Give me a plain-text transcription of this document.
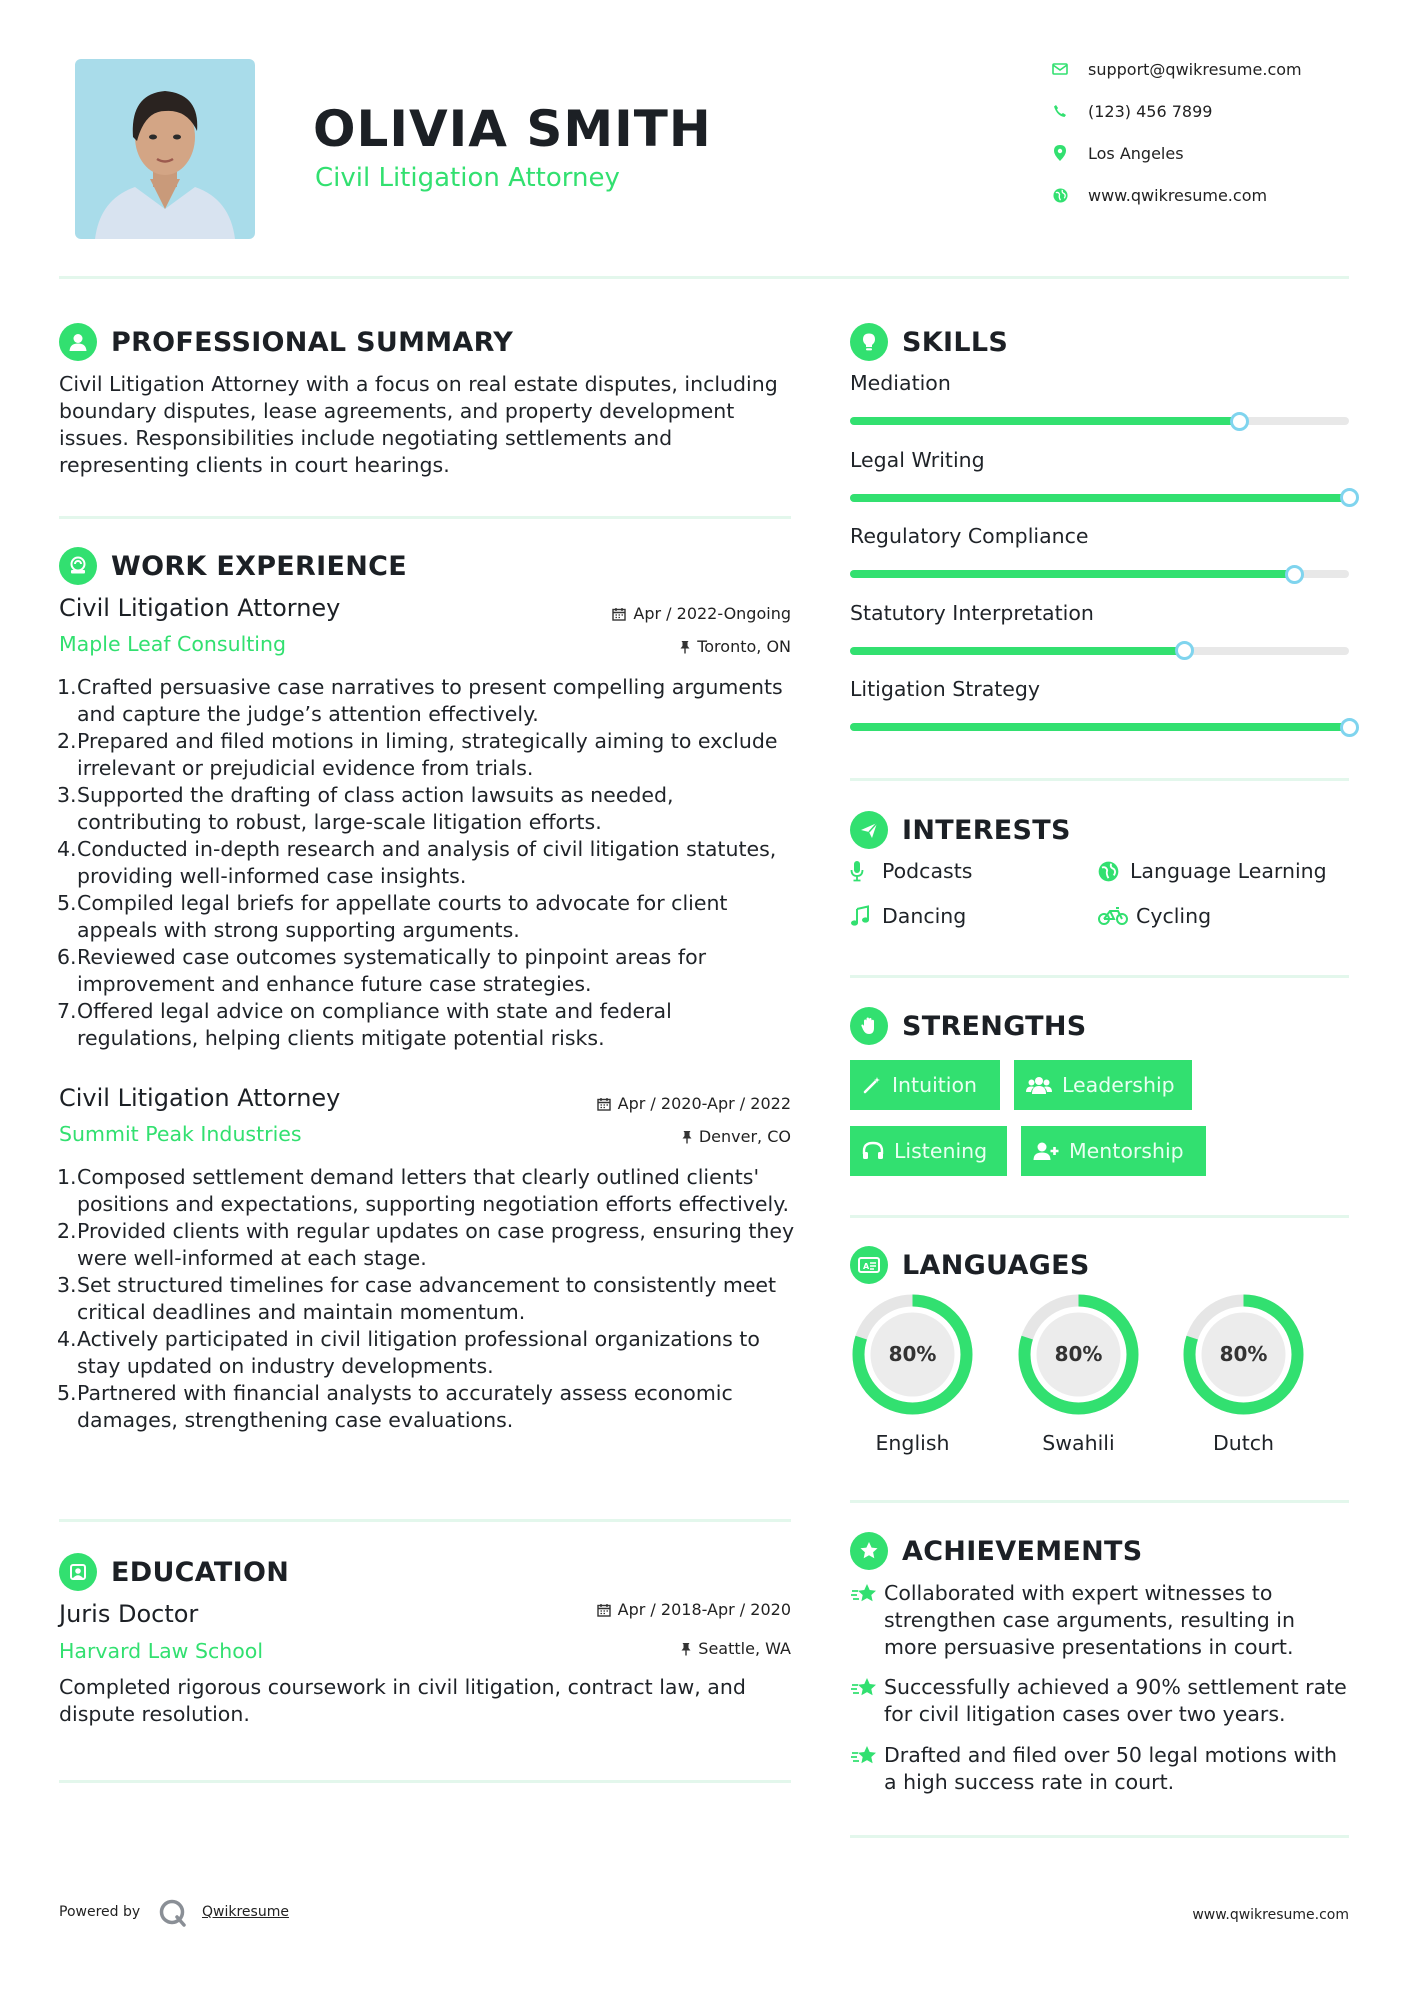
OLIVIA SMITH
Civil Litigation Attorney
support@qwikresume.com
(123) 456 7899
Los Angeles
www.qwikresume.com
PROFESSIONAL SUMMARY
Civil Litigation Attorney with a focus on real estate disputes, including boundary disputes, lease agreements, and property development issues. Responsibilities include negotiating settlements and representing clients in court hearings.
WORK EXPERIENCE
Civil Litigation Attorney	Apr / 2022-Ongoing
Maple Leaf Consulting	Toronto, ON
1. Crafted persuasive case narratives to present compelling arguments and capture the judge’s attention effectively.
2. Prepared and filed motions in liming, strategically aiming to exclude irrelevant or prejudicial evidence from trials.
3. Supported the drafting of class action lawsuits as needed, contributing to robust, large-scale litigation efforts.
4. Conducted in-depth research and analysis of civil litigation statutes, providing well-informed case insights.
5. Compiled legal briefs for appellate courts to advocate for client appeals with strong supporting arguments.
6. Reviewed case outcomes systematically to pinpoint areas for improvement and enhance future case strategies.
7. Offered legal advice on compliance with state and federal regulations, helping clients mitigate potential risks.
Civil Litigation Attorney	Apr / 2020-Apr / 2022
Summit Peak Industries	Denver, CO
1. Composed settlement demand letters that clearly outlined clients' positions and expectations, supporting negotiation efforts effectively.
2. Provided clients with regular updates on case progress, ensuring they were well-informed at each stage.
3. Set structured timelines for case advancement to consistently meet critical deadlines and maintain momentum.
4. Actively participated in civil litigation professional organizations to stay updated on industry developments.
5. Partnered with financial analysts to accurately assess economic damages, strengthening case evaluations.
EDUCATION
Juris Doctor	Apr / 2018-Apr / 2020
Harvard Law School	Seattle, WA
Completed rigorous coursework in civil litigation, contract law, and dispute resolution.
SKILLS
Mediation
Legal Writing
Regulatory Compliance
Statutory Interpretation
Litigation Strategy
INTERESTS
Podcasts	Language Learning
Dancing	Cycling
STRENGTHS
Intuition	Leadership
Listening	Mentorship
A LANGUAGES
80%
English
80%
Swahili
80%
Dutch
ACHIEVEMENTS
Collaborated with expert witnesses to strengthen case arguments, resulting in more persuasive presentations in court.
Successfully achieved a 90% settlement rate for civil litigation cases over two years.
Drafted and filed over 50 legal motions with a high success rate in court.
Powered by	Qwikresume	www.qwikresume.com
